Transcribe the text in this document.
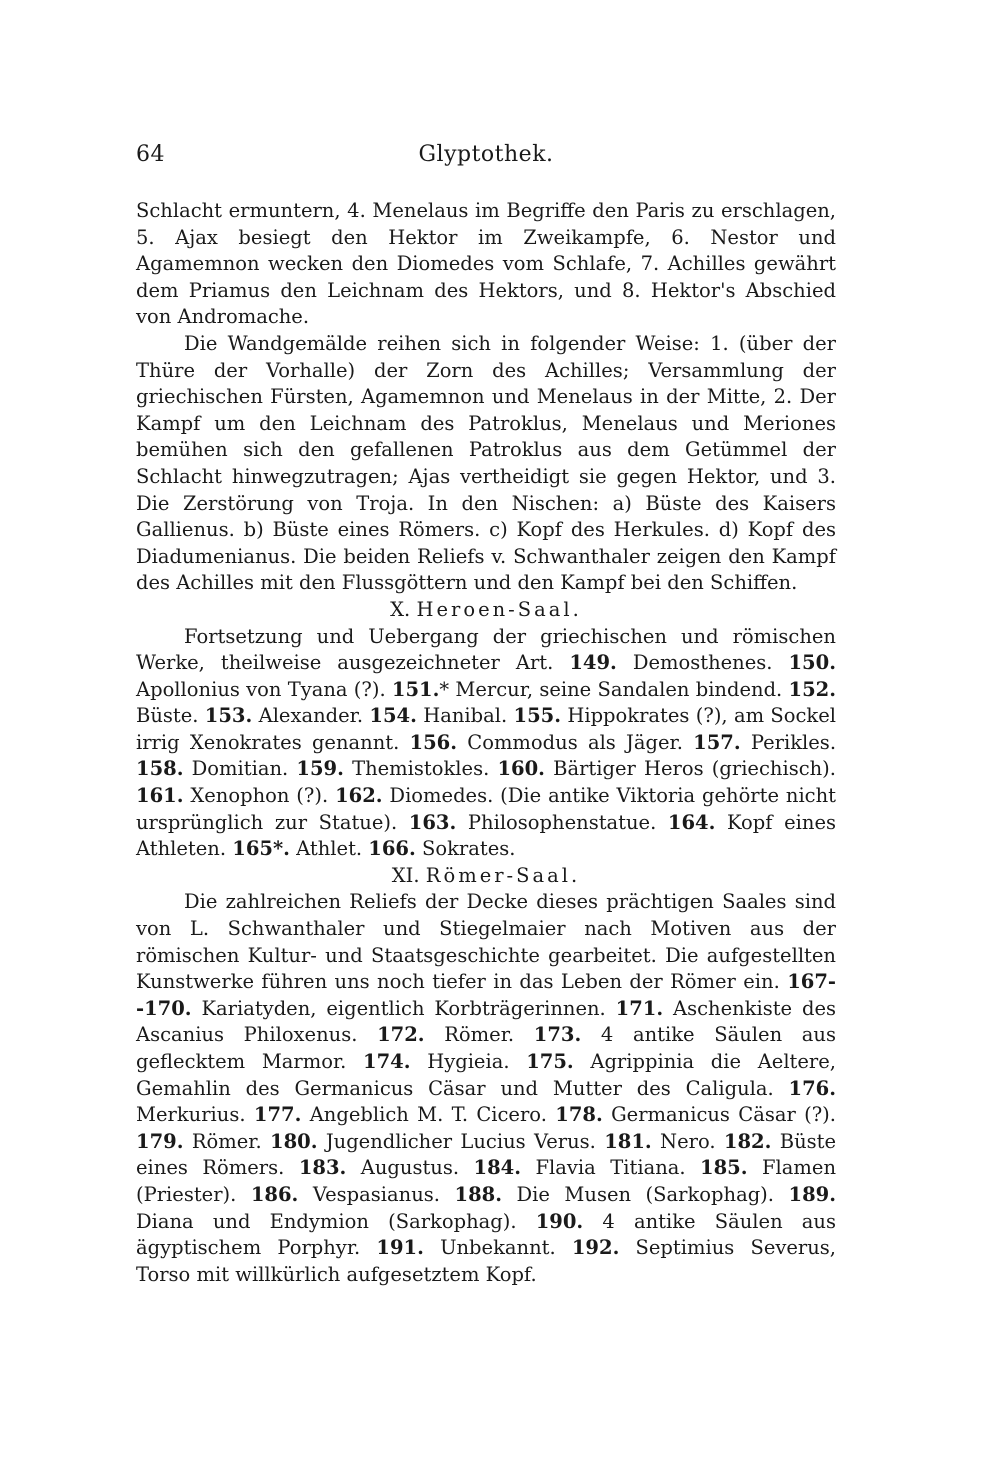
64	Glyptothek.

Schlacht ermuntern, 4. Menelaus im Begriffe den Paris zu erschlagen, 5. Ajax besiegt den Hektor im Zweikampfe, 6. Nestor und Agamemnon wecken den Diomedes vom Schlafe, 7. Achilles gewährt dem Priamus den Leichnam des Hektors, und 8. Hektor's Abschied von Andromache.

Die Wandgemälde reihen sich in folgender Weise: 1. (über der Thüre der Vorhalle) der Zorn des Achilles; Versammlung der griechischen Fürsten, Agamemnon und Menelaus in der Mitte, 2. Der Kampf um den Leichnam des Patroklus, Menelaus und Meriones bemühen sich den gefallenen Patroklus aus dem Getümmel der Schlacht hinwegzutragen; Ajas vertheidigt sie gegen Hektor, und 3. Die Zerstörung von Troja. In den Nischen: a) Büste des Kaisers Gallienus. b) Büste eines Römers. c) Kopf des Herkules. d) Kopf des Diadumenianus. Die beiden Reliefs v. Schwanthaler zeigen den Kampf des Achilles mit den Flussgöttern und den Kampf bei den Schiffen.

X. Heroen-Saal.

Fortsetzung und Uebergang der griechischen und römischen Werke, theilweise ausgezeichneter Art. 149. Demosthenes. 150. Apollonius von Tyana (?). 151.* Mercur, seine Sandalen bindend. 152. Büste. 153. Alexander. 154. Hanibal. 155. Hippokrates (?), am Sockel irrig Xenokrates genannt. 156. Commodus als Jäger. 157. Perikles. 158. Domitian. 159. Themistokles. 160. Bärtiger Heros (griechisch). 161. Xenophon (?). 162. Diomedes. (Die antike Viktoria gehörte nicht ursprünglich zur Statue). 163. Philosophenstatue. 164. Kopf eines Athleten. 165*. Athlet. 166. Sokrates.

XI. Römer-Saal.

Die zahlreichen Reliefs der Decke dieses prächtigen Saales sind von L. Schwanthaler und Stiegelmaier nach Motiven aus der römischen Kultur- und Staatsgeschichte gearbeitet. Die aufgestellten Kunstwerke führen uns noch tiefer in das Leben der Römer ein. 167--170. Kariatyden, eigentlich Korbträgerinnen. 171. Aschenkiste des Ascanius Philoxenus. 172. Römer. 173. 4 antike Säulen aus geflecktem Marmor. 174. Hygieia. 175. Agrippinia die Aeltere, Gemahlin des Germanicus Cäsar und Mutter des Caligula. 176. Merkurius. 177. Angeblich M. T. Cicero. 178. Germanicus Cäsar (?). 179. Römer. 180. Jugendlicher Lucius Verus. 181. Nero. 182. Büste eines Römers. 183. Augustus. 184. Flavia Titiana. 185. Flamen (Priester). 186. Vespasianus. 188. Die Musen (Sarkophag). 189. Diana und Endymion (Sarkophag). 190. 4 antike Säulen aus ägyptischem Porphyr. 191. Unbekannt. 192. Septimius Severus, Torso mit willkürlich aufgesetztem Kopf.
